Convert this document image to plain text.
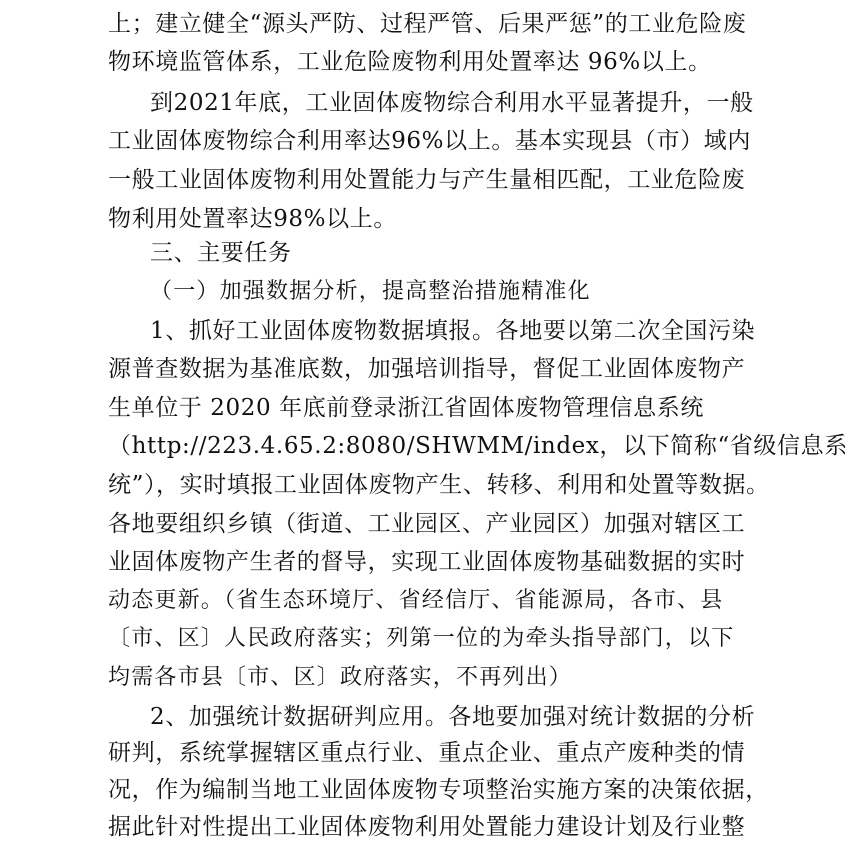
上；建立健全“源头严防、过程严管、后果严惩”的工业危险废
物环境监管体系，工业危险废物利用处置率达 96%以上。
到2021年底，工业固体废物综合利用水平显著提升，一般
工业固体废物综合利用率达96%以上。基本实现县（市）域内
一般工业固体废物利用处置能力与产生量相匹配，工业危险废
物利用处置率达98%以上。
三、主要任务
（一）加强数据分析，提高整治措施精准化
1、抓好工业固体废物数据填报。各地要以第二次全国污染
源普查数据为基准底数，加强培训指导，督促工业固体废物产
生单位于 2020 年底前登录浙江省固体废物管理信息系统
（http://223.4.65.2:8080/SHWMM/index，以下简称“省级信息系
统”），实时填报工业固体废物产生、转移、利用和处置等数据。
各地要组织乡镇（街道、工业园区、产业园区）加强对辖区工
业固体废物产生者的督导，实现工业固体废物基础数据的实时
动态更新。（省生态环境厅、省经信厅、省能源局，各市、县
〔市、区〕人民政府落实；列第一位的为牵头指导部门，以下
均需各市县〔市、区〕政府落实，不再列出）
2、加强统计数据研判应用。各地要加强对统计数据的分析
研判，系统掌握辖区重点行业、重点企业、重点产废种类的情
况，作为编制当地工业固体废物专项整治实施方案的决策依据，
据此针对性提出工业固体废物利用处置能力建设计划及行业整
